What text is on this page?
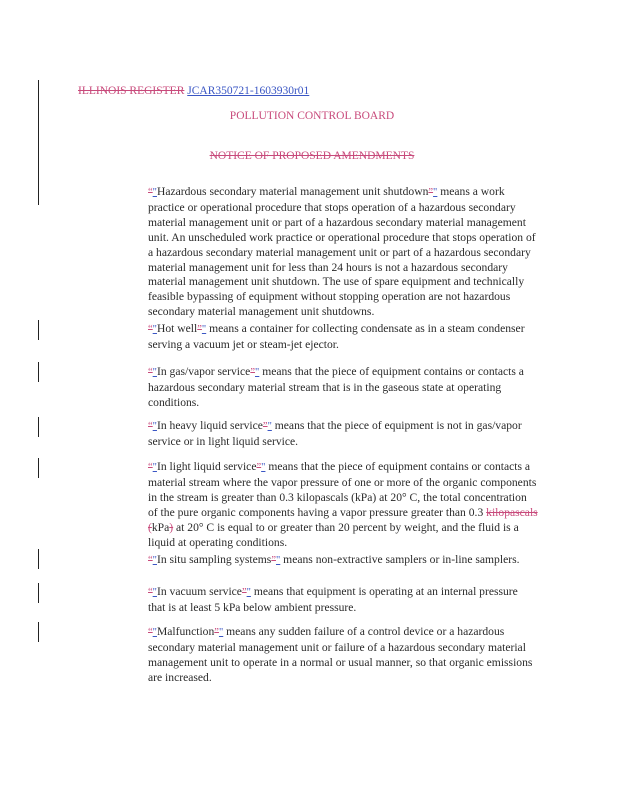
ILLINOIS REGISTER JCAR350721-1603930r01
POLLUTION CONTROL BOARD
NOTICE OF PROPOSED AMENDMENTS
“"Hazardous secondary material management unit shutdown”" means a work practice or operational procedure that stops operation of a hazardous secondary material management unit or part of a hazardous secondary material management unit. An unscheduled work practice or operational procedure that stops operation of a hazardous secondary material management unit or part of a hazardous secondary material management unit for less than 24 hours is not a hazardous secondary material management unit shutdown. The use of spare equipment and technically feasible bypassing of equipment without stopping operation are not hazardous secondary material management unit shutdowns.
“"Hot well”" means a container for collecting condensate as in a steam condenser serving a vacuum jet or steam-jet ejector.
“"In gas/vapor service”" means that the piece of equipment contains or contacts a hazardous secondary material stream that is in the gaseous state at operating conditions.
“"In heavy liquid service”" means that the piece of equipment is not in gas/vapor service or in light liquid service.
“"In light liquid service”" means that the piece of equipment contains or contacts a material stream where the vapor pressure of one or more of the organic components in the stream is greater than 0.3 kilopascals (kPa) at 20° C, the total concentration of the pure organic components having a vapor pressure greater than 0.3 kilopascals (kPa) at 20° C is equal to or greater than 20 percent by weight, and the fluid is a liquid at operating conditions.
“"In situ sampling systems”" means non-extractive samplers or in-line samplers.
“"In vacuum service”" means that equipment is operating at an internal pressure that is at least 5 kPa below ambient pressure.
“"Malfunction”" means any sudden failure of a control device or a hazardous secondary material management unit or failure of a hazardous secondary material management unit to operate in a normal or usual manner, so that organic emissions are increased.
